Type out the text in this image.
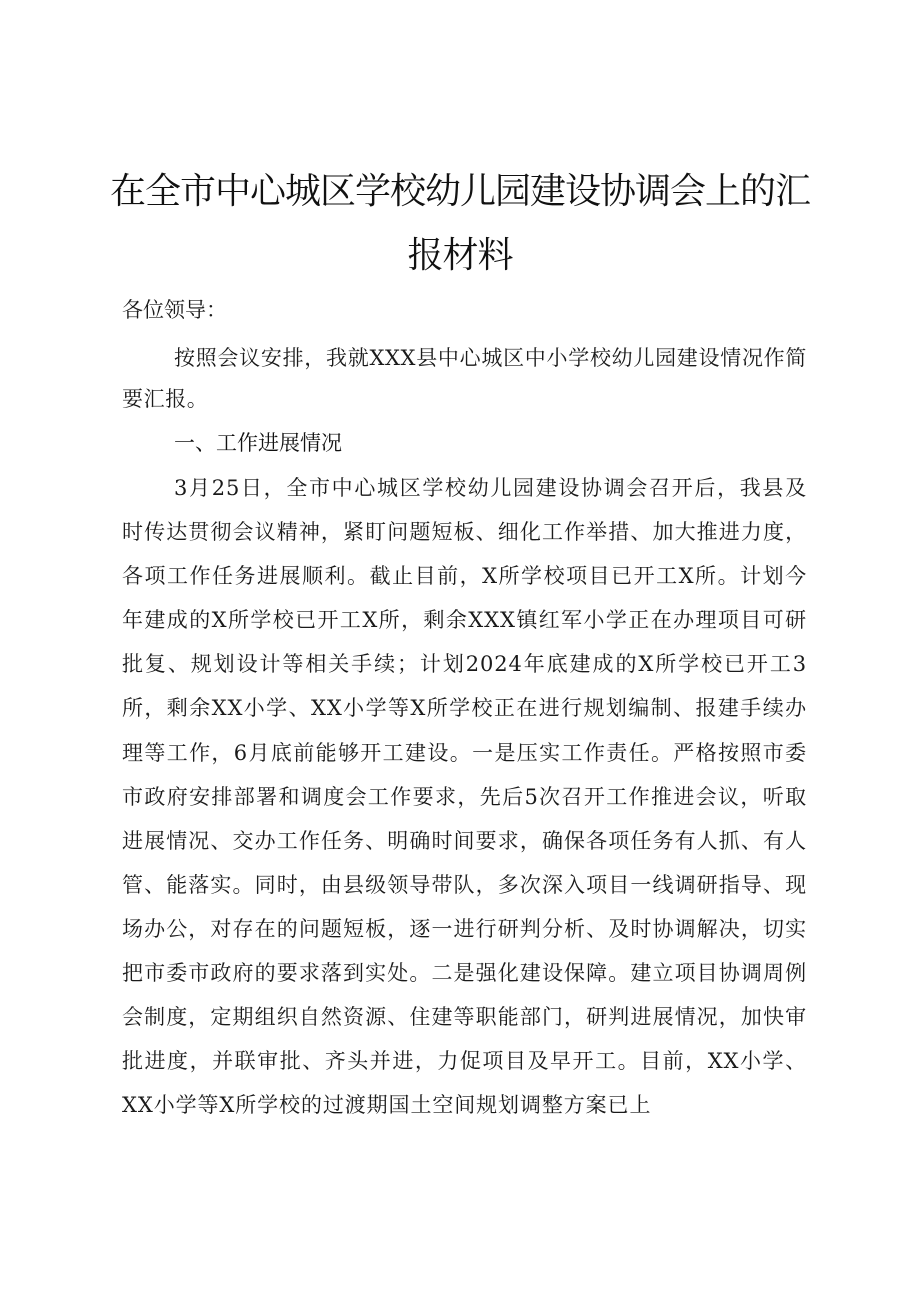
在全市中心城区学校幼儿园建设协调会上的汇
报材料

各位领导：

按照会议安排，我就XXX县中心城区中小学校幼儿园建设情况作简要汇报。

一、工作进展情况

3月25日，全市中心城区学校幼儿园建设协调会召开后，我县及时传达贯彻会议精神，紧盯问题短板、细化工作举措、加大推进力度，各项工作任务进展顺利。截止目前，X所学校项目已开工X所。计划今年建成的X所学校已开工X所，剩余XXX镇红军小学正在办理项目可研批复、规划设计等相关手续；计划2024年底建成的X所学校已开工3所，剩余XX小学、XX小学等X所学校正在进行规划编制、报建手续办理等工作，6月底前能够开工建设。一是压实工作责任。严格按照市委市政府安排部署和调度会工作要求，先后5次召开工作推进会议，听取进展情况、交办工作任务、明确时间要求，确保各项任务有人抓、有人管、能落实。同时，由县级领导带队，多次深入项目一线调研指导、现场办公，对存在的问题短板，逐一进行研判分析、及时协调解决，切实把市委市政府的要求落到实处。二是强化建设保障。建立项目协调周例会制度，定期组织自然资源、住建等职能部门，研判进展情况，加快审批进度，并联审批、齐头并进，力促项目及早开工。目前，XX小学、XX小学等X所学校的过渡期国土空间规划调整方案已上
